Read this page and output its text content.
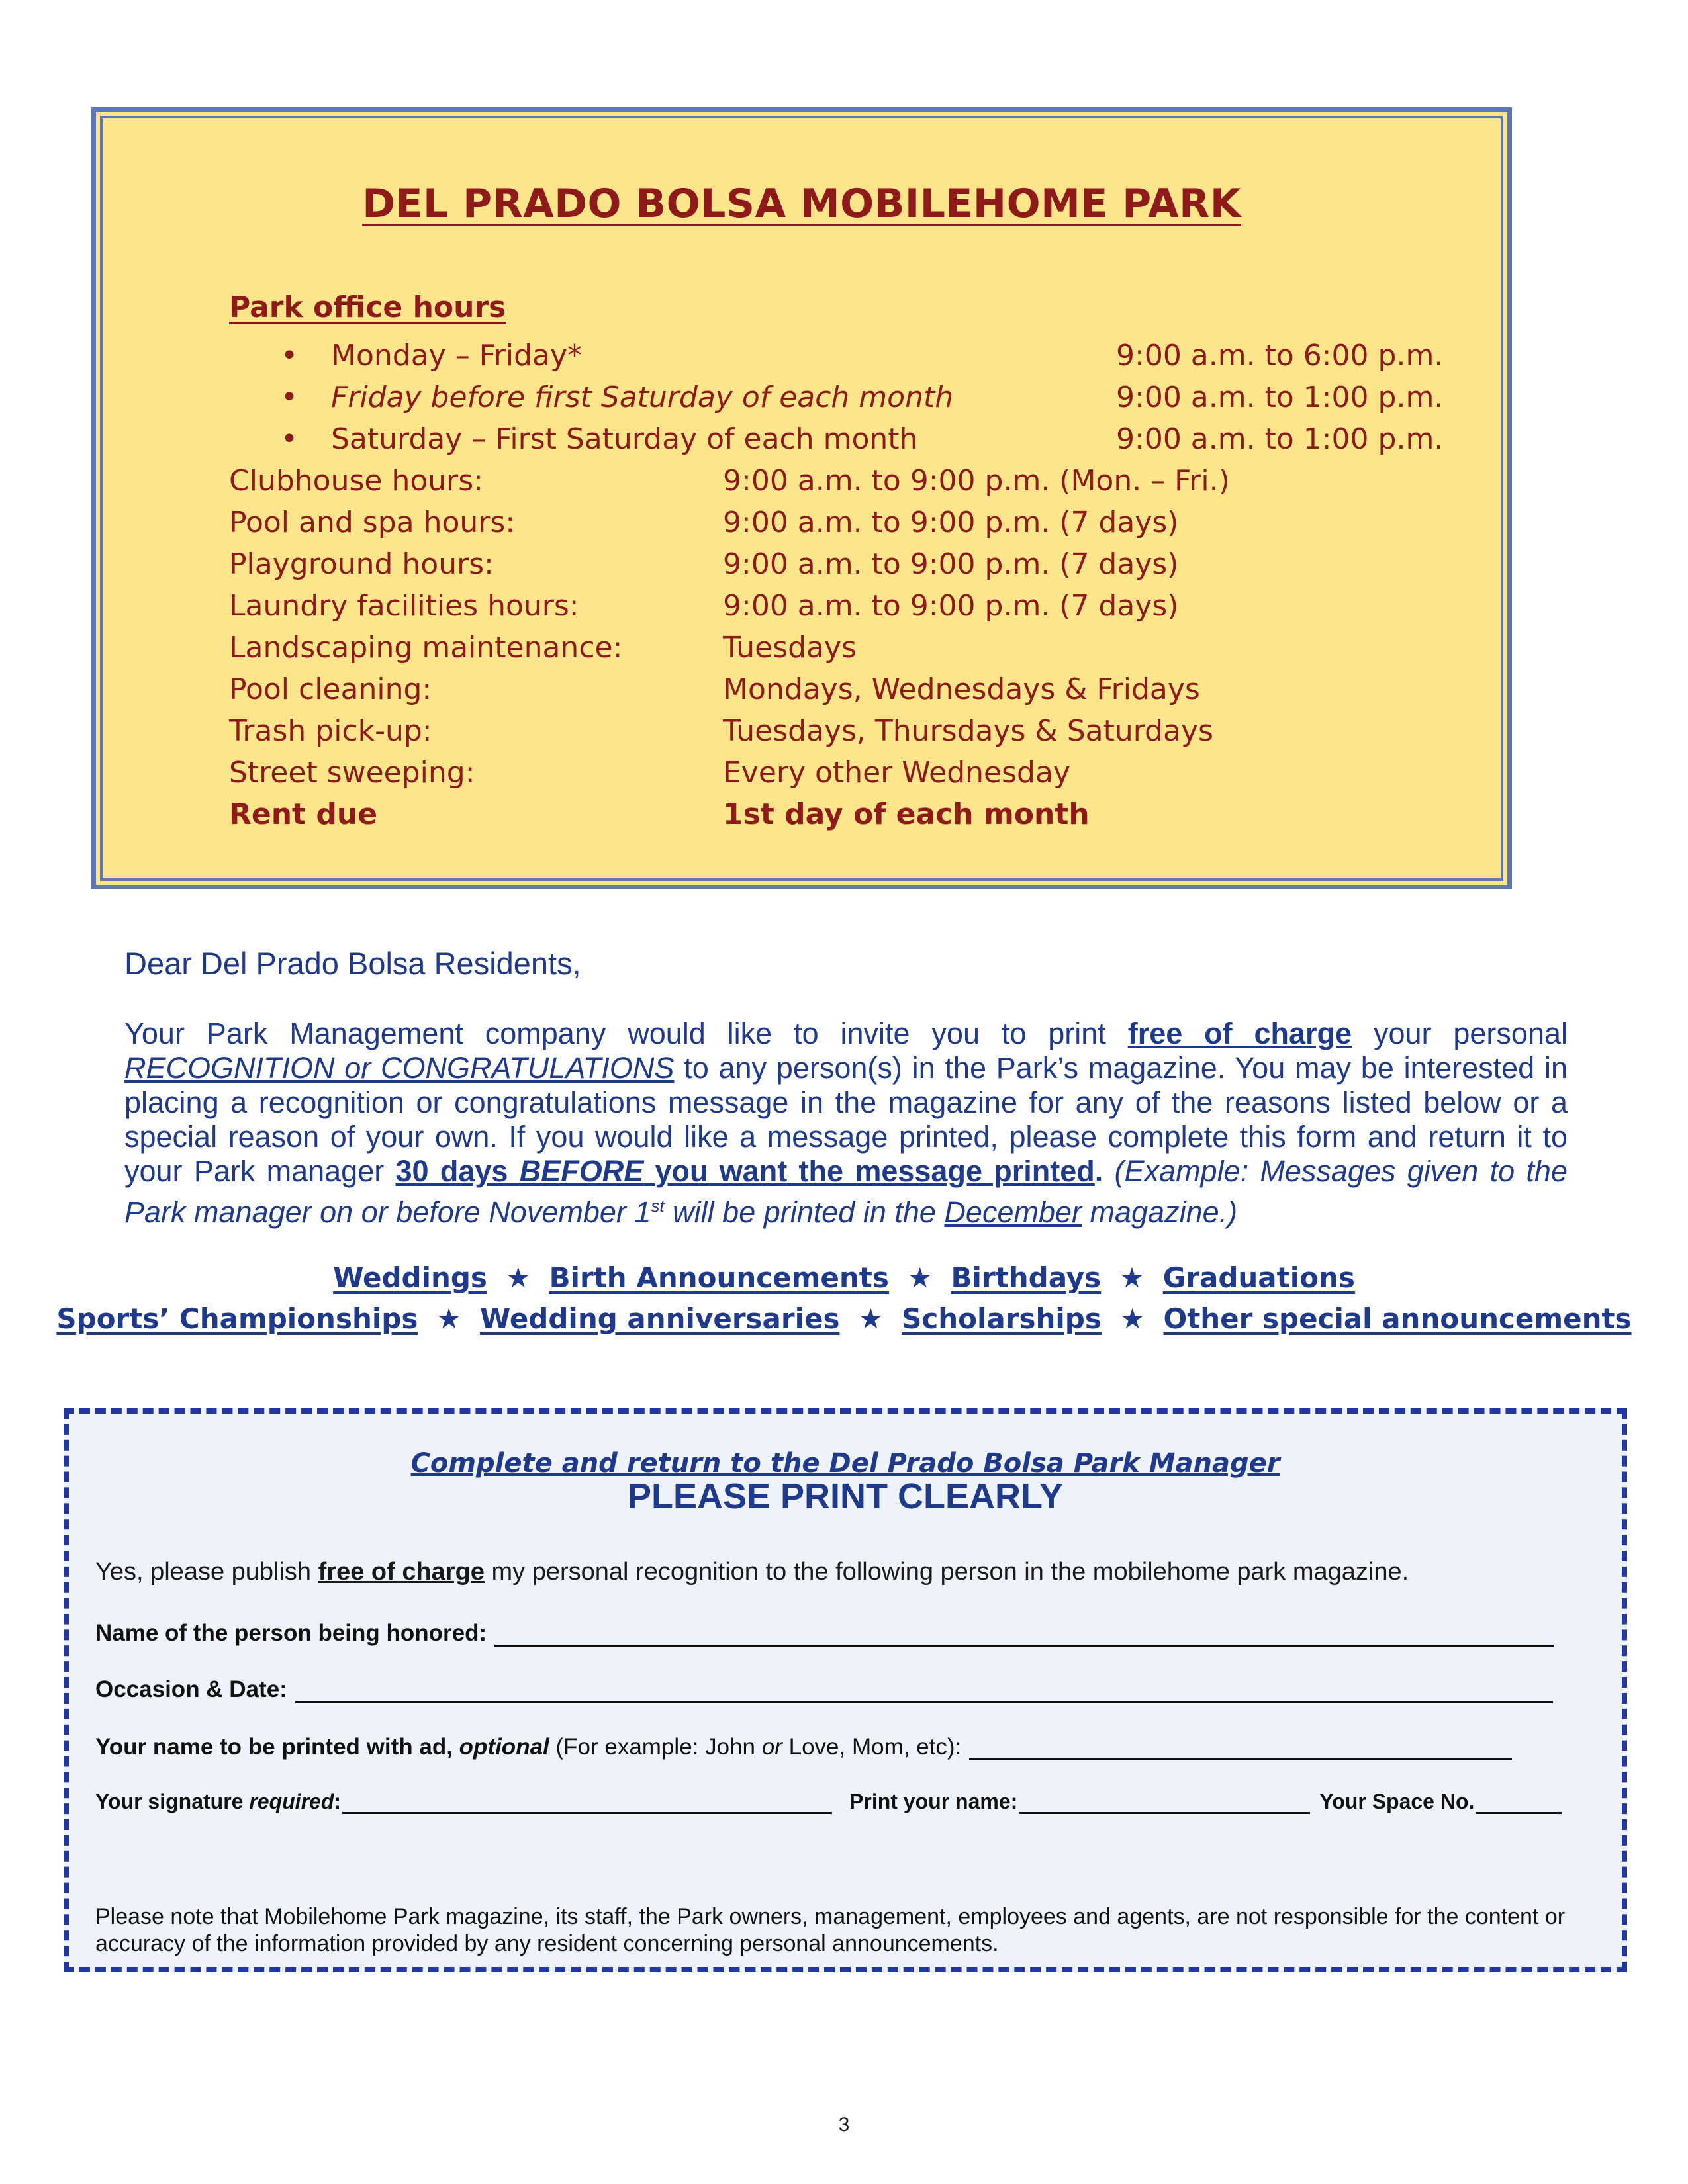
DEL PRADO BOLSA MOBILEHOME PARK
Park office hours
• Monday – Friday*	9:00 a.m. to 6:00 p.m.
• Friday before first Saturday of each month	9:00 a.m. to 1:00 p.m.
• Saturday – First Saturday of each month	9:00 a.m. to 1:00 p.m.
Clubhouse hours:	9:00 a.m. to 9:00 p.m. (Mon. – Fri.)
Pool and spa hours:	9:00 a.m. to 9:00 p.m. (7 days)
Playground hours:	9:00 a.m. to 9:00 p.m. (7 days)
Laundry facilities hours:	9:00 a.m. to 9:00 p.m. (7 days)
Landscaping maintenance:	Tuesdays
Pool cleaning:	Mondays, Wednesdays & Fridays
Trash pick-up:	Tuesdays, Thursdays & Saturdays
Street sweeping:	Every other Wednesday
Rent due	1st day of each month
Dear Del Prado Bolsa Residents,
Your Park Management company would like to invite you to print free of charge your personal RECOGNITION or CONGRATULATIONS to any person(s) in the Park’s magazine. You may be interested in placing a recognition or congratulations message in the magazine for any of the reasons listed below or a special reason of your own. If you would like a message printed, please complete this form and return it to your Park manager 30 days BEFORE you want the message printed. (Example: Messages given to the Park manager on or before November 1st will be printed in the December magazine.)
Weddings ★ Birth Announcements ★ Birthdays ★ Graduations
Sports’ Championships ★ Wedding anniversaries ★ Scholarships ★ Other special announcements
Complete and return to the Del Prado Bolsa Park Manager
PLEASE PRINT CLEARLY
Yes, please publish free of charge my personal recognition to the following person in the mobilehome park magazine.
Name of the person being honored:
Occasion & Date:
Your name to be printed with ad,
optional
(For example: John
or
Love, Mom, etc):
Your signature
required :	Print your name:	Your Space No.
Please note that Mobilehome Park magazine, its staff, the Park owners, management, employees and agents, are not responsible for the content or accuracy of the information provided by any resident concerning personal announcements.
3
